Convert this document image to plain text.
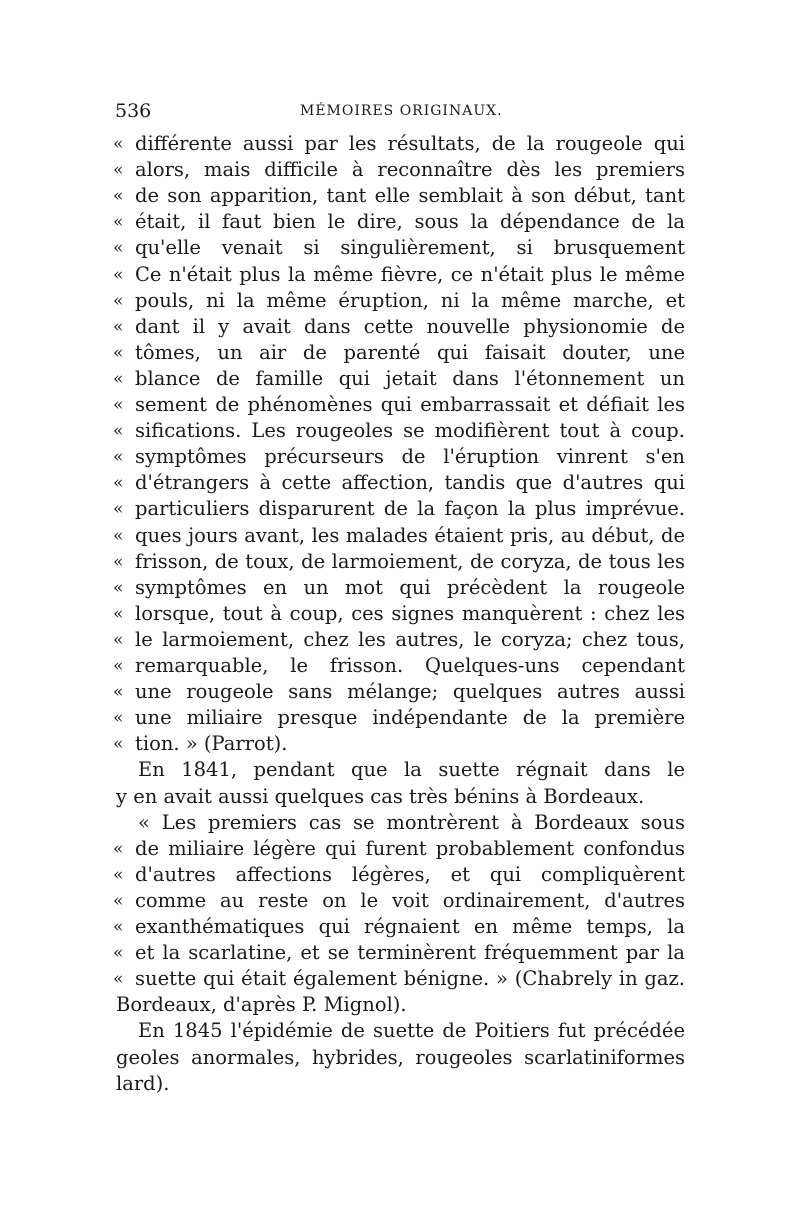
536	MÉMOIRES ORIGINAUX.
« différente aussi par les résultats, de la rougeole qui
« alors, mais difficile à reconnaître dès les premiers
« de son apparition, tant elle semblait à son début, tant
« était, il faut bien le dire, sous la dépendance de la
« qu'elle venait si singulièrement, si brusquement
« Ce n'était plus la même fièvre, ce n'était plus le même
« pouls, ni la même éruption, ni la même marche, et
« dant il y avait dans cette nouvelle physionomie de
« tômes, un air de parenté qui faisait douter, une
« blance de famille qui jetait dans l'étonnement un
« sement de phénomènes qui embarrassait et défiait les
« sifications. Les rougeoles se modifièrent tout à coup.
« symptômes précurseurs de l'éruption vinrent s'en
« d'étrangers à cette affection, tandis que d'autres qui
« particuliers disparurent de la façon la plus imprévue.
« ques jours avant, les malades étaient pris, au début, de
« frisson, de toux, de larmoiement, de coryza, de tous les
« symptômes en un mot qui précèdent la rougeole
« lorsque, tout à coup, ces signes manquèrent : chez les
« le larmoiement, chez les autres, le coryza; chez tous,
« remarquable, le frisson. Quelques-uns cependant
« une rougeole sans mélange; quelques autres aussi
« une miliaire presque indépendante de la première
« tion. » (Parrot).
En 1841, pendant que la suette régnait dans le
y en avait aussi quelques cas très bénins à Bordeaux.
« Les premiers cas se montrèrent à Bordeaux sous
« de miliaire légère qui furent probablement confondus
« d'autres affections légères, et qui compliquèrent
« comme au reste on le voit ordinairement, d'autres
« exanthématiques qui régnaient en même temps, la
« et la scarlatine, et se terminèrent fréquemment par la
« suette qui était également bénigne. » (Chabrely in gaz.
Bordeaux, d'après P. Mignol).
En 1845 l'épidémie de suette de Poitiers fut précédée
geoles anormales, hybrides, rougeoles scarlatiniformes
lard).
